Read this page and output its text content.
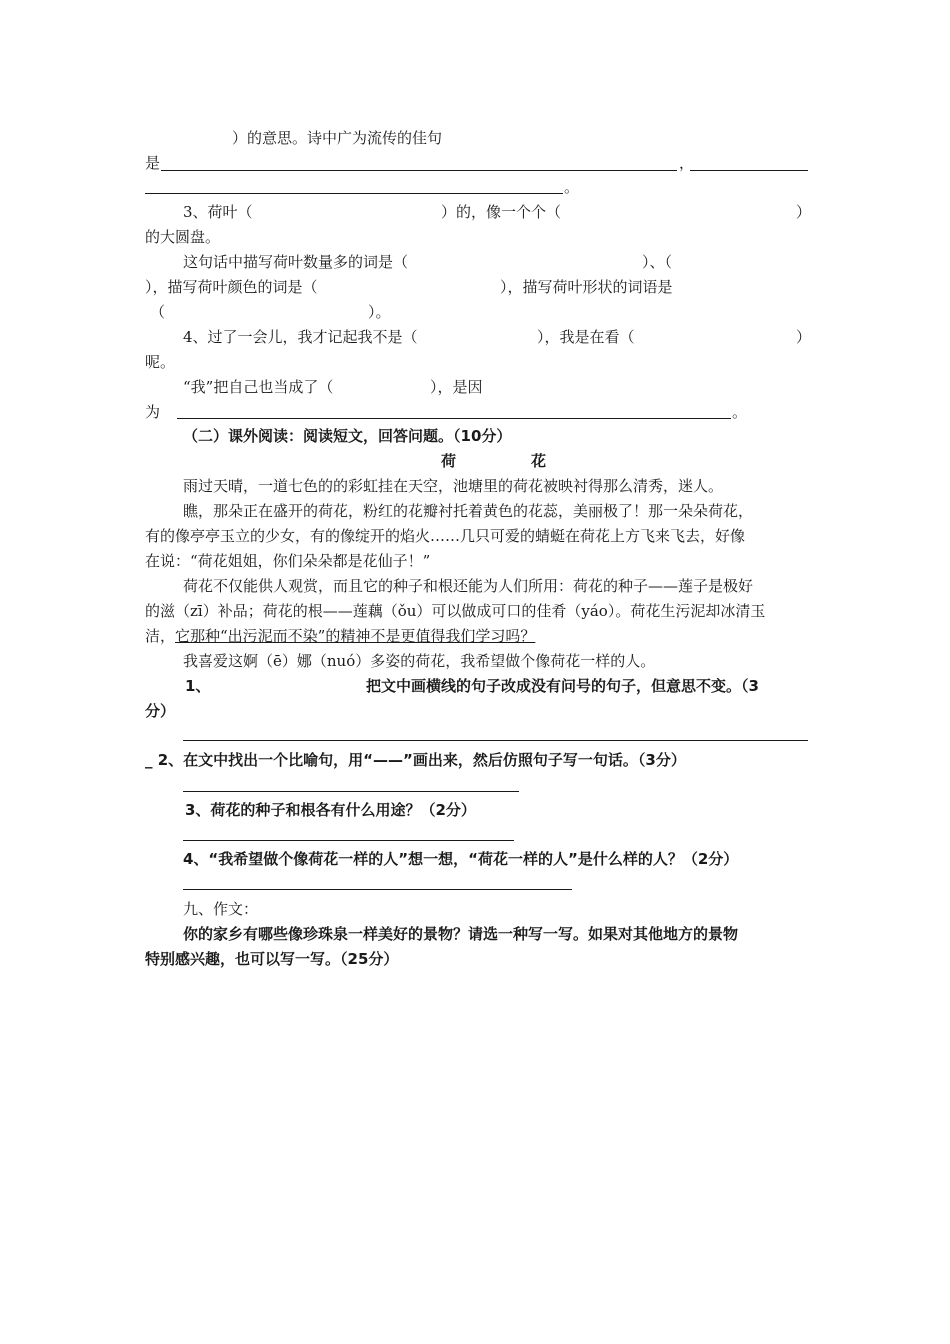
）的意思。诗中广为流传的佳句
是	，
。
3、荷叶（	）的，像一个个（	）
的大圆盘。
这句话中描写荷叶数量多的词是（	）、（
），描写荷叶颜色的词是（	），描写荷叶形状的词语是
（	）。
4、过了一会儿，我才记起我不是（	），我是在看（	）
呢。
“我”把自己也当成了（	），是因
为	。
（二）课外阅读：阅读短文，回答问题。（10分）
荷	花
雨过天晴，一道七色的的彩虹挂在天空，池塘里的荷花被映衬得那么清秀，迷人。
瞧，那朵正在盛开的荷花，粉红的花瓣衬托着黄色的花蕊，美丽极了！那一朵朵荷花，
有的像亭亭玉立的少女，有的像绽开的焰火……几只可爱的蜻蜓在荷花上方飞来飞去，好像
在说：“荷花姐姐，你们朵朵都是花仙子！”
荷花不仅能供人观赏，而且它的种子和根还能为人们所用：荷花的种子——莲子是极好
的滋（zī）补品；荷花的根——莲藕（ǒu）可以做成可口的佳肴（yáo）。荷花生污泥却冰清玉
洁，它那种“出污泥而不染”的精神不是更值得我们学习吗？
我喜爱这婀（ē）娜（nuó）多姿的荷花，我希望做个像荷花一样的人。
1、	把文中画横线的句子改成没有问号的句子，但意思不变。（3
分）
_ 2、在文中找出一个比喻句，用“——”画出来，然后仿照句子写一句话。（3分）
3、荷花的种子和根各有什么用途？（2分）
4、“我希望做个像荷花一样的人”想一想，“荷花一样的人”是什么样的人？（2分）
九、作文：
你的家乡有哪些像珍珠泉一样美好的景物？请选一种写一写。如果对其他地方的景物
特别感兴趣，也可以写一写。（25分）
